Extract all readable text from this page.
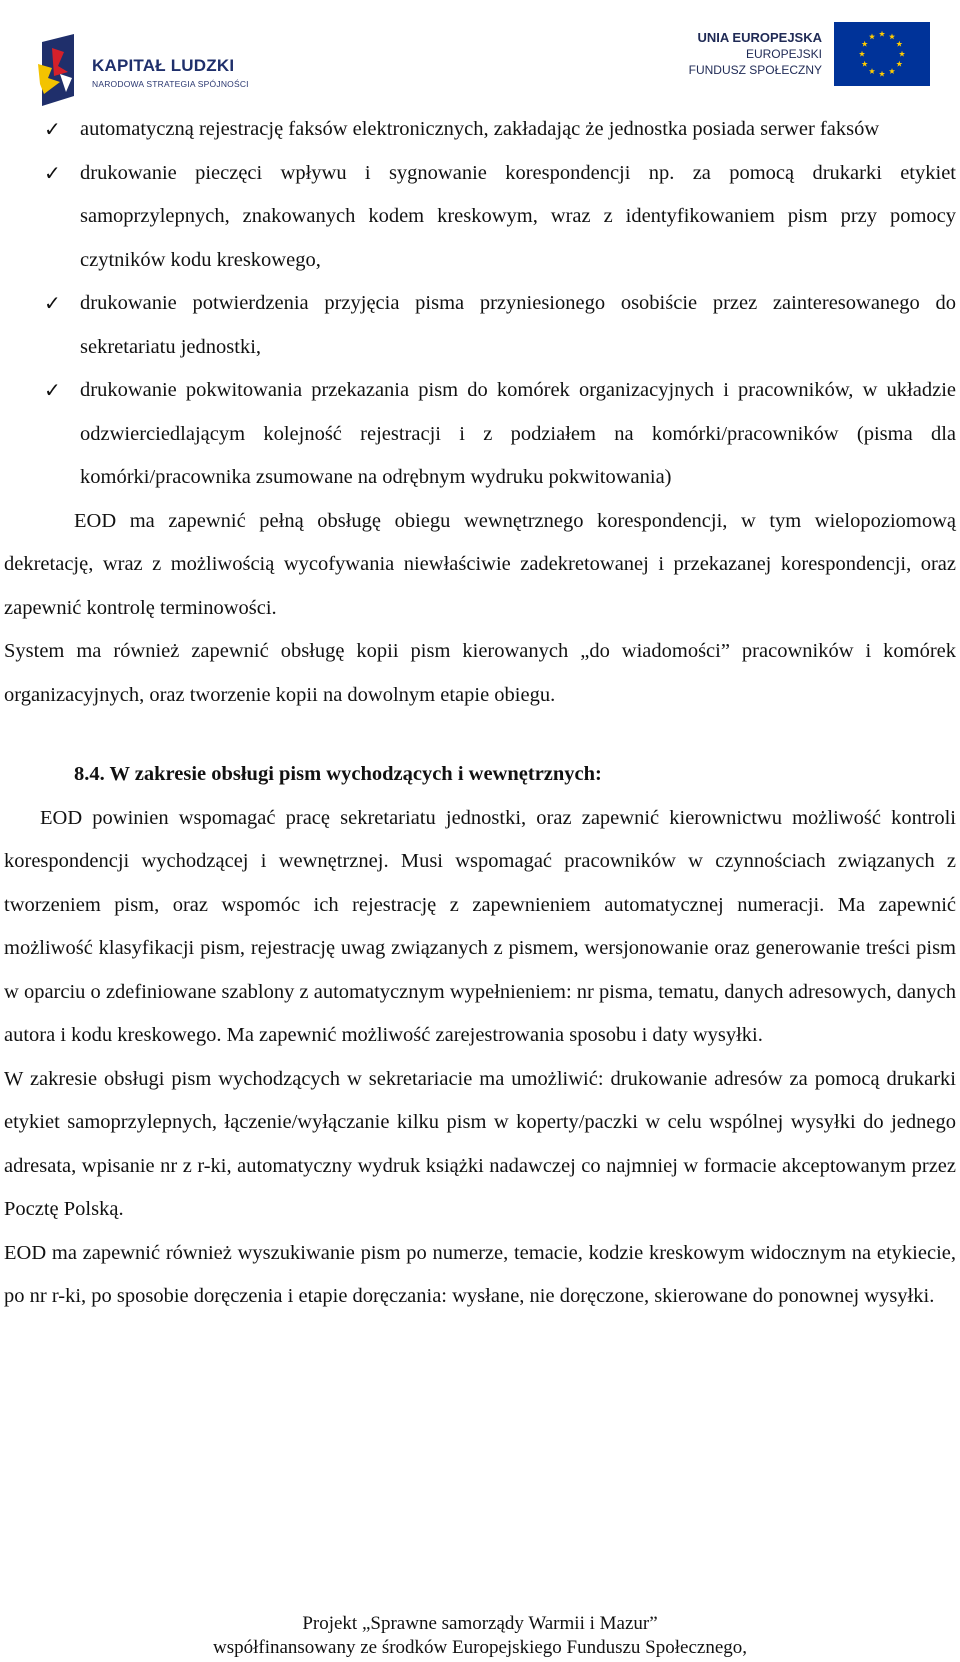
KAPITAŁ LUDZKI
NARODOWA STRATEGIA SPÓJNOŚCI
UNIA EUROPEJSKA
EUROPEJSKI
FUNDUSZ SPOŁECZNY
✓ automatyczną rejestrację faksów elektronicznych, zakładając że jednostka posiada serwer faksów
✓ drukowanie pieczęci wpływu i sygnowanie korespondencji np. za pomocą drukarki etykiet samoprzylepnych, znakowanych kodem kreskowym, wraz z identyfikowaniem pism przy pomocy czytników kodu kreskowego,
✓ drukowanie potwierdzenia przyjęcia pisma przyniesionego osobiście przez zainteresowanego do sekretariatu jednostki,
✓ drukowanie pokwitowania przekazania pism do komórek organizacyjnych i pracowników, w układzie odzwierciedlającym kolejność rejestracji i z podziałem na komórki/pracowników (pisma dla komórki/pracownika zsumowane na odrębnym wydruku pokwitowania)

EOD ma zapewnić pełną obsługę obiegu wewnętrznego korespondencji, w tym wielopoziomową dekretację, wraz z możliwością wycofywania niewłaściwie zadekretowanej i przekazanej korespondencji, oraz zapewnić kontrolę terminowości.

System ma również zapewnić obsługę kopii pism kierowanych „do wiadomości” pracowników i komórek organizacyjnych, oraz tworzenie kopii na dowolnym etapie obiegu.

8.4. W zakresie obsługi pism wychodzących i wewnętrznych:

EOD powinien wspomagać pracę sekretariatu jednostki, oraz zapewnić kierownictwu możliwość kontroli korespondencji wychodzącej i wewnętrznej. Musi wspomagać pracowników w czynnościach związanych z tworzeniem pism, oraz wspomóc ich rejestrację z zapewnieniem automatycznej numeracji. Ma zapewnić możliwość klasyfikacji pism, rejestrację uwag związanych z pismem, wersjonowanie oraz generowanie treści pism w oparciu o zdefiniowane szablony z automatycznym wypełnieniem: nr pisma, tematu, danych adresowych, danych autora i kodu kreskowego. Ma zapewnić możliwość zarejestrowania sposobu i daty wysyłki.

W zakresie obsługi pism wychodzących w sekretariacie ma umożliwić: drukowanie adresów za pomocą drukarki etykiet samoprzylepnych, łączenie/wyłączanie kilku pism w koperty/paczki w celu wspólnej wysyłki do jednego adresata, wpisanie nr z r-ki, automatyczny wydruk książki nadawczej co najmniej w formacie akceptowanym przez Pocztę Polską.

EOD ma zapewnić również wyszukiwanie pism po numerze, temacie, kodzie kreskowym widocznym na etykiecie, po nr r-ki, po sposobie doręczenia i etapie doręczania: wysłane, nie doręczone, skierowane do ponownej wysyłki.

Projekt „Sprawne samorządy Warmii i Mazur”
współfinansowany ze środków Europejskiego Funduszu Społecznego,
